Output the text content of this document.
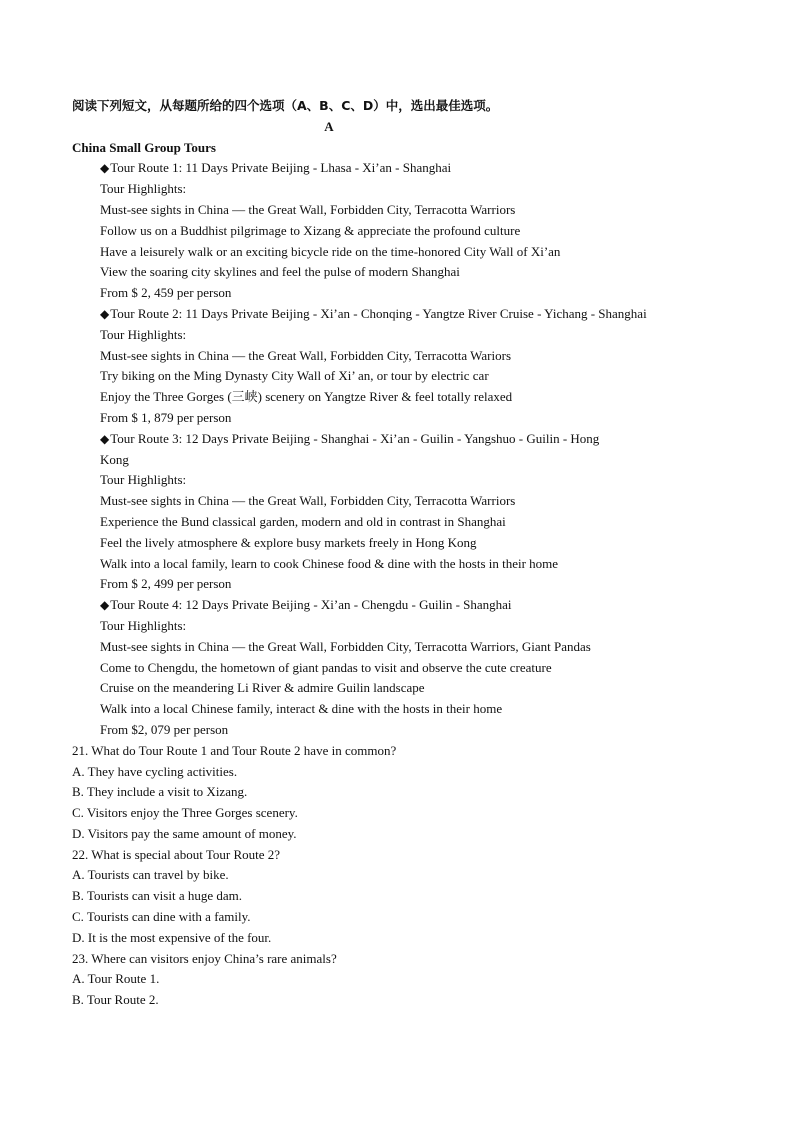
阅读下列短文，从每题所给的四个选项（A、B、C、D）中，选出最佳选项。
A
China Small Group Tours
◆Tour Route 1: 11 Days Private Beijing - Lhasa - Xi’an - Shanghai
Tour Highlights:
Must-see sights in China — the Great Wall, Forbidden City, Terracotta Warriors
Follow us on a Buddhist pilgrimage to Xizang & appreciate the profound culture
Have a leisurely walk or an exciting bicycle ride on the time-honored City Wall of Xi’an
View the soaring city skylines and feel the pulse of modern Shanghai
From $ 2, 459 per person
◆Tour Route 2: 11 Days Private Beijing - Xi’an - Chonqing - Yangtze River Cruise - Yichang - Shanghai
Tour Highlights:
Must-see sights in China — the Great Wall, Forbidden City, Terracotta Wariors
Try biking on the Ming Dynasty City Wall of Xi’ an, or tour by electric car
Enjoy the Three Gorges (三峡) scenery on Yangtze River & feel totally relaxed
From $ 1, 879 per person
◆Tour Route 3: 12 Days Private Beijing - Shanghai - Xi’an - Guilin - Yangshuo - Guilin - Hong
Kong
Tour Highlights:
Must-see sights in China — the Great Wall, Forbidden City, Terracotta Warriors
Experience the Bund classical garden, modern and old in contrast in Shanghai
Feel the lively atmosphere & explore busy markets freely in Hong Kong
Walk into a local family, learn to cook Chinese food & dine with the hosts in their home
From $ 2, 499 per person
◆Tour Route 4: 12 Days Private Beijing - Xi’an - Chengdu - Guilin - Shanghai
Tour Highlights:
Must-see sights in China — the Great Wall, Forbidden City, Terracotta Warriors, Giant Pandas
Come to Chengdu, the hometown of giant pandas to visit and observe the cute creature
Cruise on the meandering Li River & admire Guilin landscape
Walk into a local Chinese family, interact & dine with the hosts in their home
From $2, 079 per person
21. What do Tour Route 1 and Tour Route 2 have in common?
A. They have cycling activities.
B. They include a visit to Xizang.
C. Visitors enjoy the Three Gorges scenery.
D. Visitors pay the same amount of money.
22. What is special about Tour Route 2?
A. Tourists can travel by bike.
B. Tourists can visit a huge dam.
C. Tourists can dine with a family.
D. It is the most expensive of the four.
23. Where can visitors enjoy China’s rare animals?
A. Tour Route 1.
B. Tour Route 2.
